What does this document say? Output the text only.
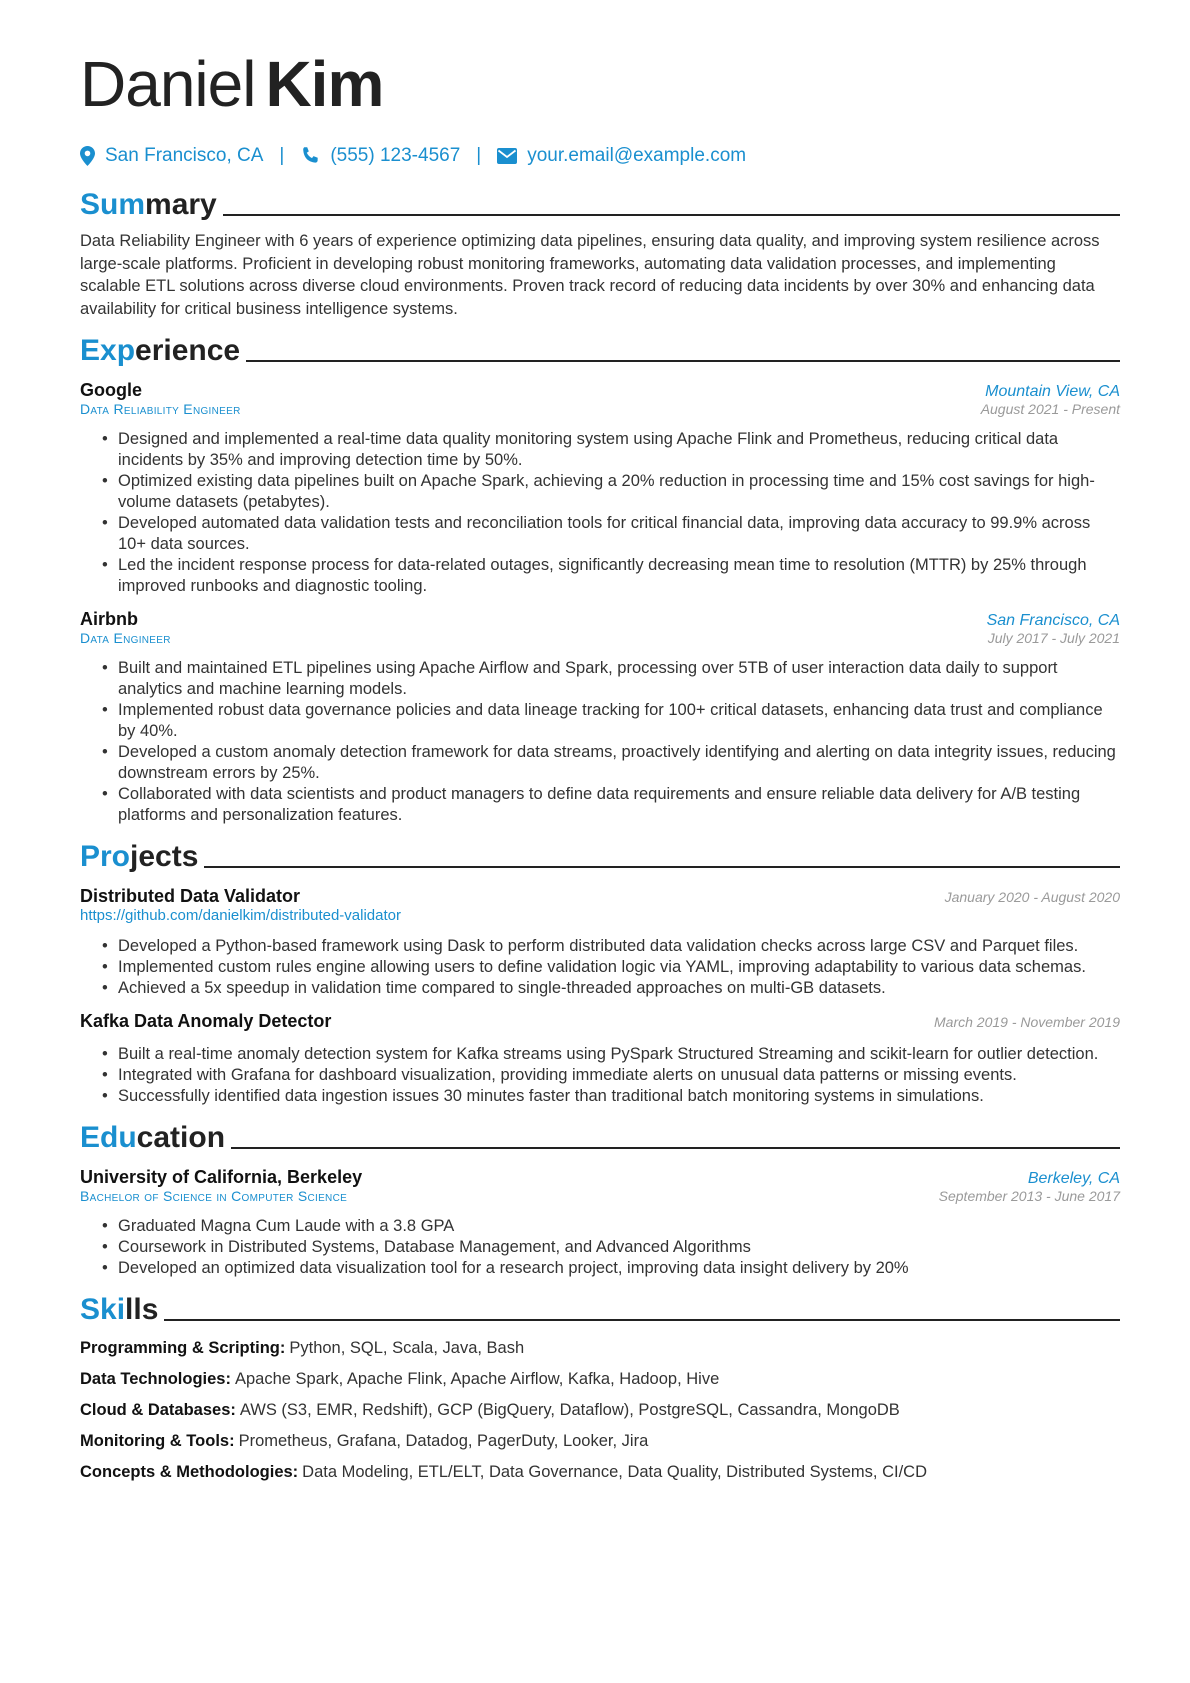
Daniel Kim
San Francisco, CA | (555) 123-4567 | your.email@example.com
Summary

Data Reliability Engineer with 6 years of experience optimizing data pipelines, ensuring data quality, and improving system resilience across large-scale platforms. Proficient in developing robust monitoring frameworks, automating data validation processes, and implementing scalable ETL solutions across diverse cloud environments. Proven track record of reducing data incidents by over 30% and enhancing data availability for critical business intelligence systems.

Experience
Google	Mountain View, CA
Data Reliability Engineer	August 2021 - Present
• Designed and implemented a real-time data quality monitoring system using Apache Flink and Prometheus, reducing critical data incidents by 35% and improving detection time by 50%.
• Optimized existing data pipelines built on Apache Spark, achieving a 20% reduction in processing time and 15% cost savings for high-volume datasets (petabytes).
• Developed automated data validation tests and reconciliation tools for critical financial data, improving data accuracy to 99.9% across 10+ data sources.
• Led the incident response process for data-related outages, significantly decreasing mean time to resolution (MTTR) by 25% through improved runbooks and diagnostic tooling.
Airbnb	San Francisco, CA
Data Engineer	July 2017 - July 2021
• Built and maintained ETL pipelines using Apache Airflow and Spark, processing over 5TB of user interaction data daily to support analytics and machine learning models.
• Implemented robust data governance policies and data lineage tracking for 100+ critical datasets, enhancing data trust and compliance by 40%.
• Developed a custom anomaly detection framework for data streams, proactively identifying and alerting on data integrity issues, reducing downstream errors by 25%.
• Collaborated with data scientists and product managers to define data requirements and ensure reliable data delivery for A/B testing platforms and personalization features.
Projects
Distributed Data Validator	January 2020 - August 2020
https://github.com/danielkim/distributed-validator
• Developed a Python-based framework using Dask to perform distributed data validation checks across large CSV and Parquet files.
• Implemented custom rules engine allowing users to define validation logic via YAML, improving adaptability to various data schemas.
• Achieved a 5x speedup in validation time compared to single-threaded approaches on multi-GB datasets.
Kafka Data Anomaly Detector	March 2019 - November 2019
• Built a real-time anomaly detection system for Kafka streams using PySpark Structured Streaming and scikit-learn for outlier detection.
• Integrated with Grafana for dashboard visualization, providing immediate alerts on unusual data patterns or missing events.
• Successfully identified data ingestion issues 30 minutes faster than traditional batch monitoring systems in simulations.
Education
University of California, Berkeley	Berkeley, CA
Bachelor of Science in Computer Science	September 2013 - June 2017
• Graduated Magna Cum Laude with a 3.8 GPA
• Coursework in Distributed Systems, Database Management, and Advanced Algorithms
• Developed an optimized data visualization tool for a research project, improving data insight delivery by 20%
Skills
Programming & Scripting: Python, SQL, Scala, Java, Bash
Data Technologies: Apache Spark, Apache Flink, Apache Airflow, Kafka, Hadoop, Hive
Cloud & Databases: AWS (S3, EMR, Redshift), GCP (BigQuery, Dataflow), PostgreSQL, Cassandra, MongoDB
Monitoring & Tools: Prometheus, Grafana, Datadog, PagerDuty, Looker, Jira
Concepts & Methodologies: Data Modeling, ETL/ELT, Data Governance, Data Quality, Distributed Systems, CI/CD
